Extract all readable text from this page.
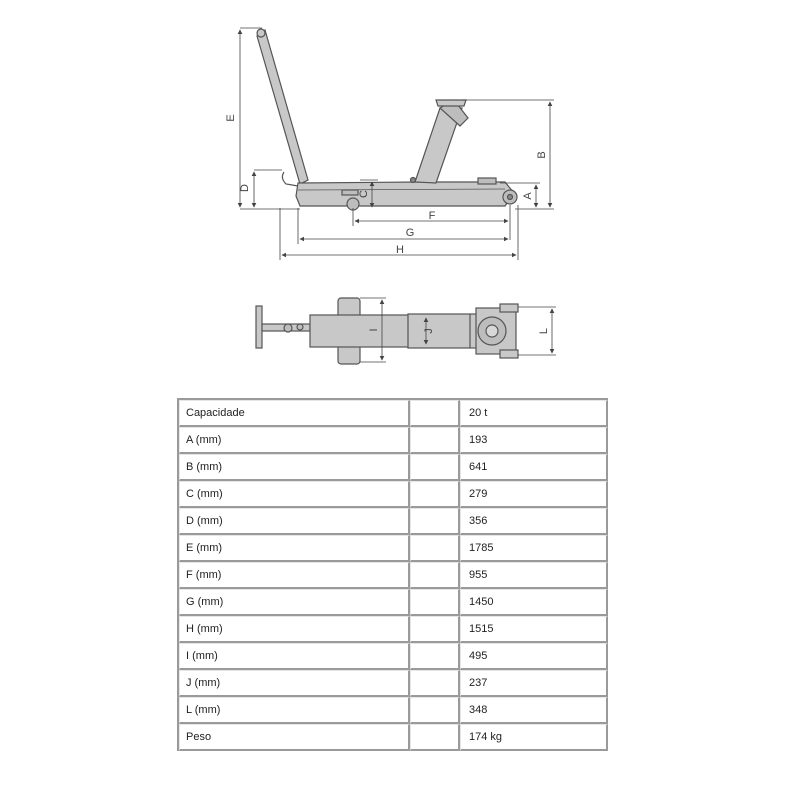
E
D
C
B
A
F
G
H
I	J	L
Capacidade		20 t
A (mm)		193
B (mm)		641
C (mm)		279
D (mm)		356
E (mm)		1785
F (mm)		955
G (mm)		1450
H (mm)		1515
I (mm)		495
J (mm)		237
L (mm)		348
Peso		174 kg
